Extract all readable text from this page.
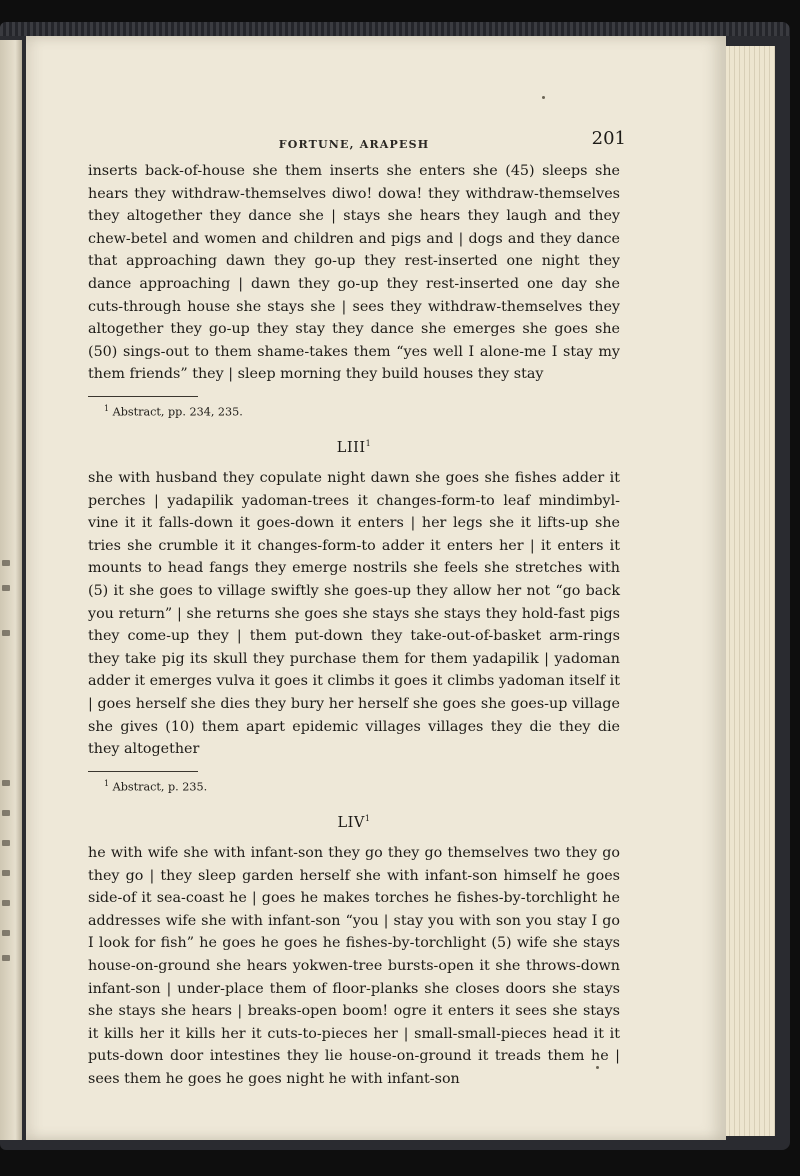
FORTUNE, ARAPESH	201

inserts back-of-house she them inserts she enters she (45) sleeps she hears they withdraw-themselves diwo! dowa! they withdraw-themselves they altogether they dance she | stays she hears they laugh and they chew-betel and women and children and pigs and | dogs and they dance that approaching dawn they go-up they rest-inserted one night they dance approaching | dawn they go-up they rest-inserted one day she cuts-through house she stays she | sees they withdraw-themselves they altogether they go-up they stay they dance she emerges she goes she (50) sings-out to them shame-takes them “yes well I alone-me I stay my them friends” they | sleep morning they build houses they stay

$^1$ Abstract, pp. 234, 235.

LIII$^1$

she with husband they copulate night dawn she goes she fishes adder it perches | yadapilik yadoman-trees it changes-form-to leaf mindimbyl-vine it it falls-down it goes-down it enters | her legs she it lifts-up she tries she crumble it it changes-form-to adder it enters her | it enters it mounts to head fangs they emerge nostrils she feels she stretches with (5) it she goes to village swiftly she goes-up they allow her not “go back you return” | she returns she goes she stays she stays they hold-fast pigs they come-up they | them put-down they take-out-of-basket arm-rings they take pig its skull they purchase them for them yadapilik | yadoman adder it emerges vulva it goes it climbs it goes it climbs yadoman itself it | goes herself she dies they bury her herself she goes she goes-up village she gives (10) them apart epidemic villages villages they die they die they altogether

$^1$ Abstract, p. 235.

LIV$^1$

he with wife she with infant-son they go they go themselves two they go they go | they sleep garden herself she with infant-son himself he goes side-of it sea-coast he | goes he makes torches he fishes-by-torchlight he addresses wife she with infant-son “you | stay you with son you stay I go I look for fish” he goes he goes he fishes-by-torchlight (5) wife she stays house-on-ground she hears yokwen-tree bursts-open it she throws-down infant-son | under-place them of floor-planks she closes doors she stays she stays she hears | breaks-open boom! ogre it enters it sees she stays it kills her it kills her it cuts-to-pieces her | small-small-pieces head it it puts-down door intestines they lie house-on-ground it treads them he | sees them he goes he goes night he with infant-son
